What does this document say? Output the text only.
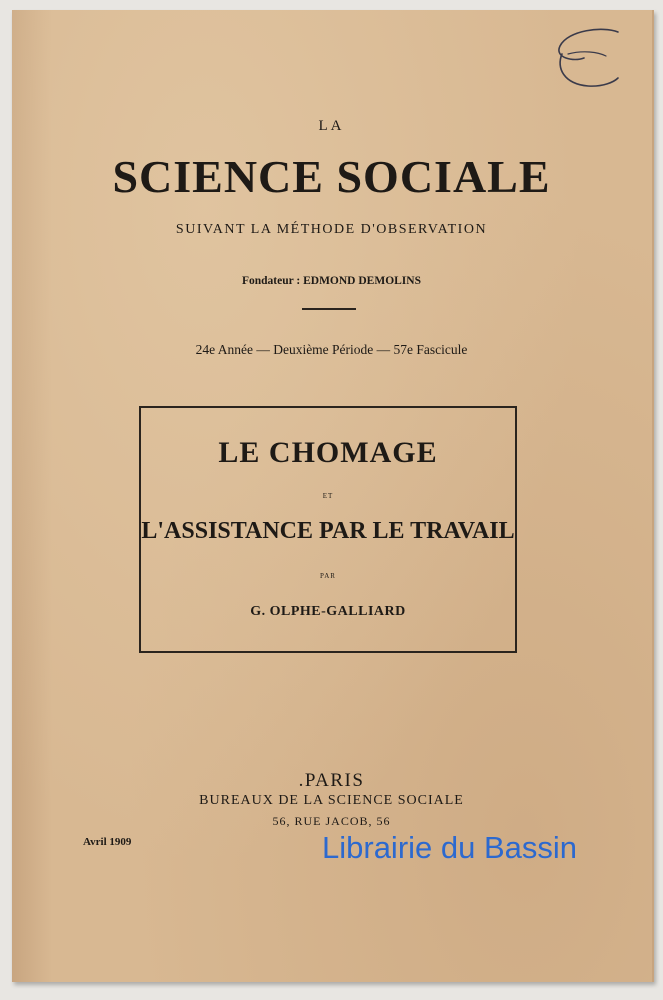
LA
SCIENCE SOCIALE
SUIVANT LA MÉTHODE D'OBSERVATION
Fondateur : EDMOND DEMOLINS
24e Année — Deuxième Période — 57e Fascicule
LE CHOMAGE
ET
L'ASSISTANCE PAR LE TRAVAIL
PAR
G. OLPHE-GALLIARD
.PARIS
BUREAUX DE LA SCIENCE SOCIALE
56, RUE JACOB, 56
Avril 1909	Librairie du Bassin
